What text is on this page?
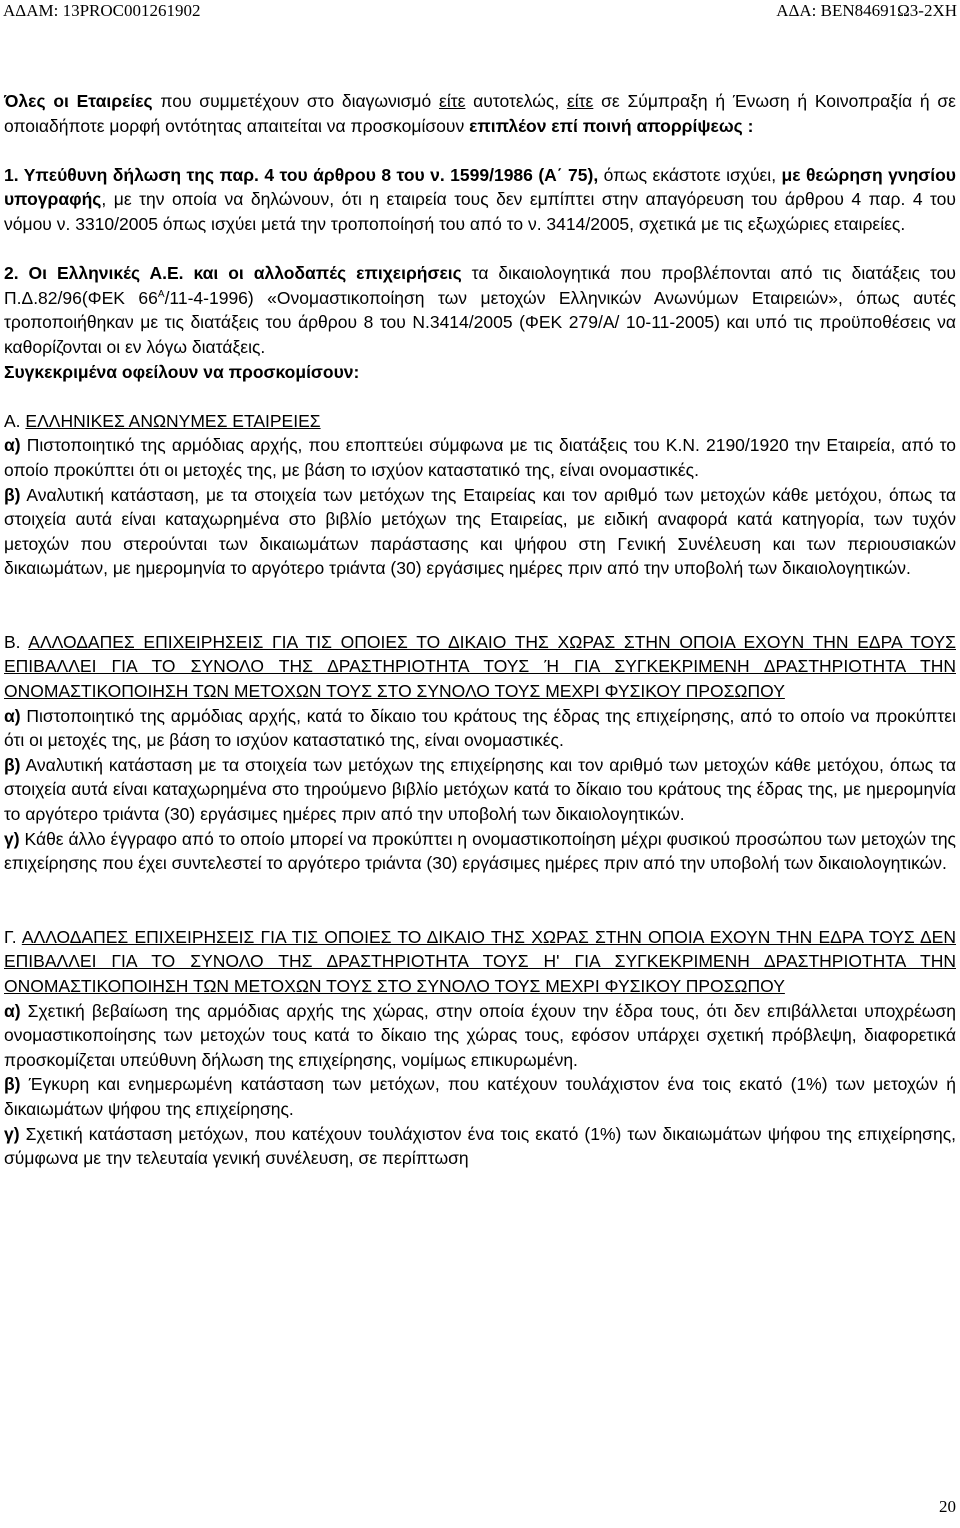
ΑΔΑΜ: 13PROC001261902	ΑΔΑ: ΒΕΝ84691Ω3-2ΧΗ

Όλες οι Εταιρείες που συμμετέχουν στο διαγωνισμό είτε αυτοτελώς, είτε σε Σύμπραξη ή Ένωση ή Κοινοπραξία ή σε οποιαδήποτε μορφή οντότητας απαιτείται να προσκομίσουν επιπλέον επί ποινή απορρίψεως :

1. Υπεύθυνη δήλωση της παρ. 4 του άρθρου 8 του ν. 1599/1986 (Α΄ 75), όπως εκάστοτε ισχύει, με θεώρηση γνησίου υπογραφής, με την οποία να δηλώνουν, ότι η εταιρεία τους δεν εμπίπτει στην απαγόρευση του άρθρου 4 παρ. 4 του νόμου ν. 3310/2005 όπως ισχύει μετά την τροποποίησή του από το ν. 3414/2005, σχετικά με τις εξωχώριες εταιρείες.

2. Οι Ελληνικές Α.Ε. και οι αλλοδαπές επιχειρήσεις τα δικαιολογητικά που προβλέπονται από τις διατάξεις του Π.Δ.82/96(ΦΕΚ $66^A/11-4-1996$) «Ονομαστικοποίηση των μετοχών Ελληνικών Ανωνύμων Εταιρειών», όπως αυτές τροποποιήθηκαν με τις διατάξεις του άρθρου 8 του Ν.3414/2005 (ΦΕΚ 279/Α/ 10-11-2005) και υπό τις προϋποθέσεις να καθορίζονται οι εν λόγω διατάξεις.

Συγκεκριμένα οφείλουν να προσκομίσουν:

Α. ΕΛΛΗΝΙΚΕΣ ΑΝΩΝΥΜΕΣ ΕΤΑΙΡΕΙΕΣ

α) Πιστοποιητικό της αρμόδιας αρχής, που εποπτεύει σύμφωνα με τις διατάξεις του Κ.Ν. 2190/1920 την Εταιρεία, από το οποίο προκύπτει ότι οι μετοχές της, με βάση το ισχύον καταστατικό της, είναι ονομαστικές.

β) Αναλυτική κατάσταση, με τα στοιχεία των μετόχων της Εταιρείας και τον αριθμό των μετοχών κάθε μετόχου, όπως τα στοιχεία αυτά είναι καταχωρημένα στο βιβλίο μετόχων της Εταιρείας, με ειδική αναφορά κατά κατηγορία, των τυχόν μετοχών που στερούνται των δικαιωμάτων παράστασης και ψήφου στη Γενική Συνέλευση και των περιουσιακών δικαιωμάτων, με ημερομηνία το αργότερο τριάντα (30) εργάσιμες ημέρες πριν από την υποβολή των δικαιολογητικών.

Β. ΑΛΛΟΔΑΠΕΣ ΕΠΙΧΕΙΡΗΣΕΙΣ ΓΙΑ ΤΙΣ ΟΠΟΙΕΣ ΤΟ ΔΙΚΑΙΟ ΤΗΣ ΧΩΡΑΣ ΣΤΗΝ ΟΠΟΙΑ ΕΧΟΥΝ ΤΗΝ ΕΔΡΑ ΤΟΥΣ ΕΠΙΒΑΛΛΕΙ ΓΙΑ ΤΟ ΣΥΝΟΛΟ ΤΗΣ ΔΡΑΣΤΗΡΙΟΤΗΤΑ ΤΟΥΣ Ή ΓΙΑ ΣΥΓΚΕΚΡΙΜΕΝΗ ΔΡΑΣΤΗΡΙΟΤΗΤΑ ΤΗΝ ΟΝΟΜΑΣΤΙΚΟΠΟΙΗΣΗ ΤΩΝ ΜΕΤΟΧΩΝ ΤΟΥΣ ΣΤΟ ΣΥΝΟΛΟ ΤΟΥΣ ΜΕΧΡΙ ΦΥΣΙΚΟΥ ΠΡΟΣΩΠΟΥ

α) Πιστοποιητικό της αρμόδιας αρχής, κατά το δίκαιο του κράτους της έδρας της επιχείρησης, από το οποίο να προκύπτει ότι οι μετοχές της, με βάση το ισχύον καταστατικό της, είναι ονομαστικές.

β) Αναλυτική κατάσταση με τα στοιχεία των μετόχων της επιχείρησης και τον αριθμό των μετοχών κάθε μετόχου, όπως τα στοιχεία αυτά είναι καταχωρημένα στο τηρούμενο βιβλίο μετόχων κατά το δίκαιο του κράτους της έδρας της, με ημερομηνία το αργότερο τριάντα (30) εργάσιμες ημέρες πριν από την υποβολή των δικαιολογητικών.

γ) Κάθε άλλο έγγραφο από το οποίο μπορεί να προκύπτει η ονομαστικοποίηση μέχρι φυσικού προσώπου των μετοχών της επιχείρησης που έχει συντελεστεί το αργότερο τριάντα (30) εργάσιμες ημέρες πριν από την υποβολή των δικαιολογητικών.

Γ. ΑΛΛΟΔΑΠΕΣ ΕΠΙΧΕΙΡΗΣΕΙΣ ΓΙΑ ΤΙΣ ΟΠΟΙΕΣ ΤΟ ΔΙΚΑΙΟ ΤΗΣ ΧΩΡΑΣ ΣΤΗΝ ΟΠΟΙΑ ΕΧΟΥΝ ΤΗΝ ΕΔΡΑ ΤΟΥΣ ΔΕΝ ΕΠΙΒΑΛΛΕΙ ΓΙΑ ΤΟ ΣΥΝΟΛΟ ΤΗΣ ΔΡΑΣΤΗΡΙΟΤΗΤΑ ΤΟΥΣ Η' ΓΙΑ ΣΥΓΚΕΚΡΙΜΕΝΗ ΔΡΑΣΤΗΡΙΟΤΗΤΑ ΤΗΝ ΟΝΟΜΑΣΤΙΚΟΠΟΙΗΣΗ ΤΩΝ ΜΕΤΟΧΩΝ ΤΟΥΣ ΣΤΟ ΣΥΝΟΛΟ ΤΟΥΣ ΜΕΧΡΙ ΦΥΣΙΚΟΥ ΠΡΟΣΩΠΟΥ

α) Σχετική βεβαίωση της αρμόδιας αρχής της χώρας, στην οποία έχουν την έδρα τους, ότι δεν επιβάλλεται υποχρέωση ονομαστικοποίησης των μετοχών τους κατά το δίκαιο της χώρας τους, εφόσον υπάρχει σχετική πρόβλεψη, διαφορετικά προσκομίζεται υπεύθυνη δήλωση της επιχείρησης, νομίμως επικυρωμένη.

β) Έγκυρη και ενημερωμένη κατάσταση των μετόχων, που κατέχουν τουλάχιστον ένα τοις εκατό (1%) των μετοχών ή δικαιωμάτων ψήφου της επιχείρησης.

γ) Σχετική κατάσταση μετόχων, που κατέχουν τουλάχιστον ένα τοις εκατό (1%) των δικαιωμάτων ψήφου της επιχείρησης, σύμφωνα με την τελευταία γενική συνέλευση, σε περίπτωση

20
